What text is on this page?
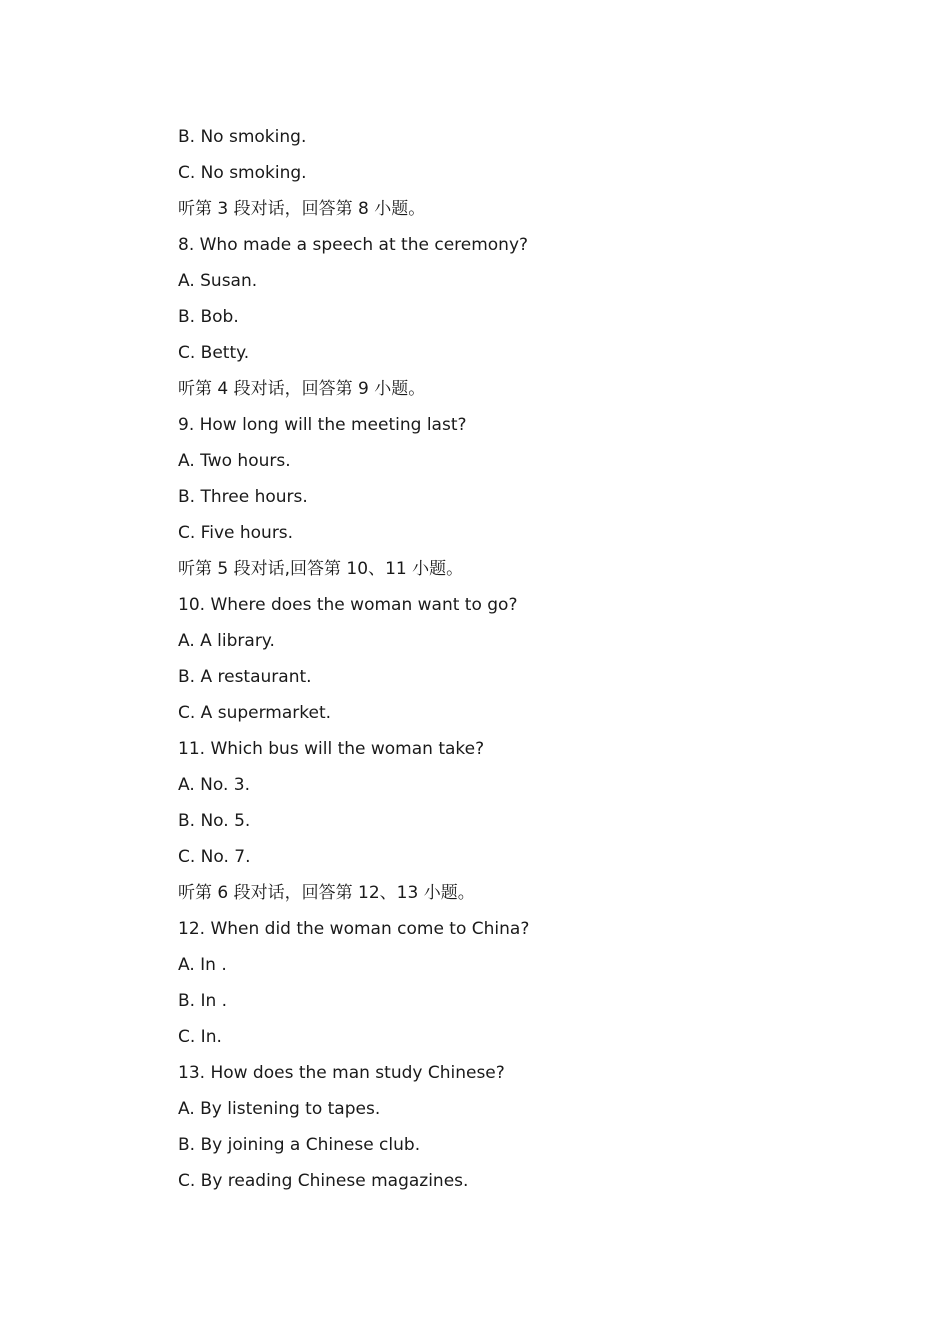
B. No smoking.
C. No smoking.
听第 3 段对话，回答第 8 小题。
8. Who made a speech at the ceremony?
A. Susan.
B. Bob.
C. Betty.
听第 4 段对话，回答第 9 小题。
9. How long will the meeting last?
A. Two hours.
B. Three hours.
C. Five hours.
听第 5 段对话,回答第 10、11 小题。
10. Where does the woman want to go?
A. A library.
B. A restaurant.
C. A supermarket.
11. Which bus will the woman take?
A. No. 3.
B. No. 5.
C. No. 7.
听第 6 段对话，回答第 12、13 小题。
12. When did the woman come to China?
A. In .
B. In .
C. In.
13. How does the man study Chinese?
A. By listening to tapes.
B. By joining a Chinese club.
C. By reading Chinese magazines.
